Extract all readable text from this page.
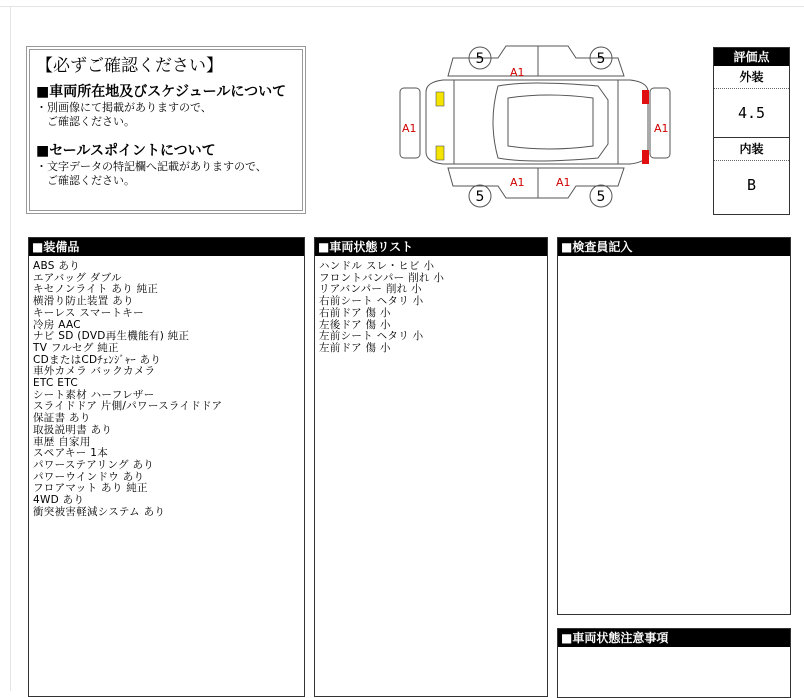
【必ずご確認ください】

■車両所在地及びスケジュールについて

・別画像にて掲載がありますので、

　ご確認ください。

■セールスポイントについて

・文字データの特記欄へ記載がありますので、

　ご確認ください。

5	5
5	5
A1
A1	A1
A1	A1
評価点
外装
4.5
内装
B
■装備品
ABS あり
エアバッグ ダブル
キセノンライト あり 純正
横滑り防止装置 あり
キーレス スマートキー
冷房 AAC
ナビ SD (DVD再生機能有) 純正
TV フルセグ 純正
CDまたはCDﾁｪﾝｼﾞｬｰ あり
車外カメラ バックカメラ
ETC ETC
シート素材 ハーフレザー
スライドドア 片側/パワースライドドア
保証書 あり
取扱説明書 あり
車歴 自家用
スペアキー 1本
パワーステアリング あり
パワーウインドウ あり
フロアマット あり 純正
4WD あり
衝突被害軽減システム あり
■車両状態リスト
ハンドル スレ・ヒビ 小
フロントバンパー 削れ 小
リアバンパー 削れ 小
右前シート ヘタリ 小
右前ドア 傷 小
左後ドア 傷 小
左前シート ヘタリ 小
左前ドア 傷 小
■検査員記入
■車両状態注意事項
